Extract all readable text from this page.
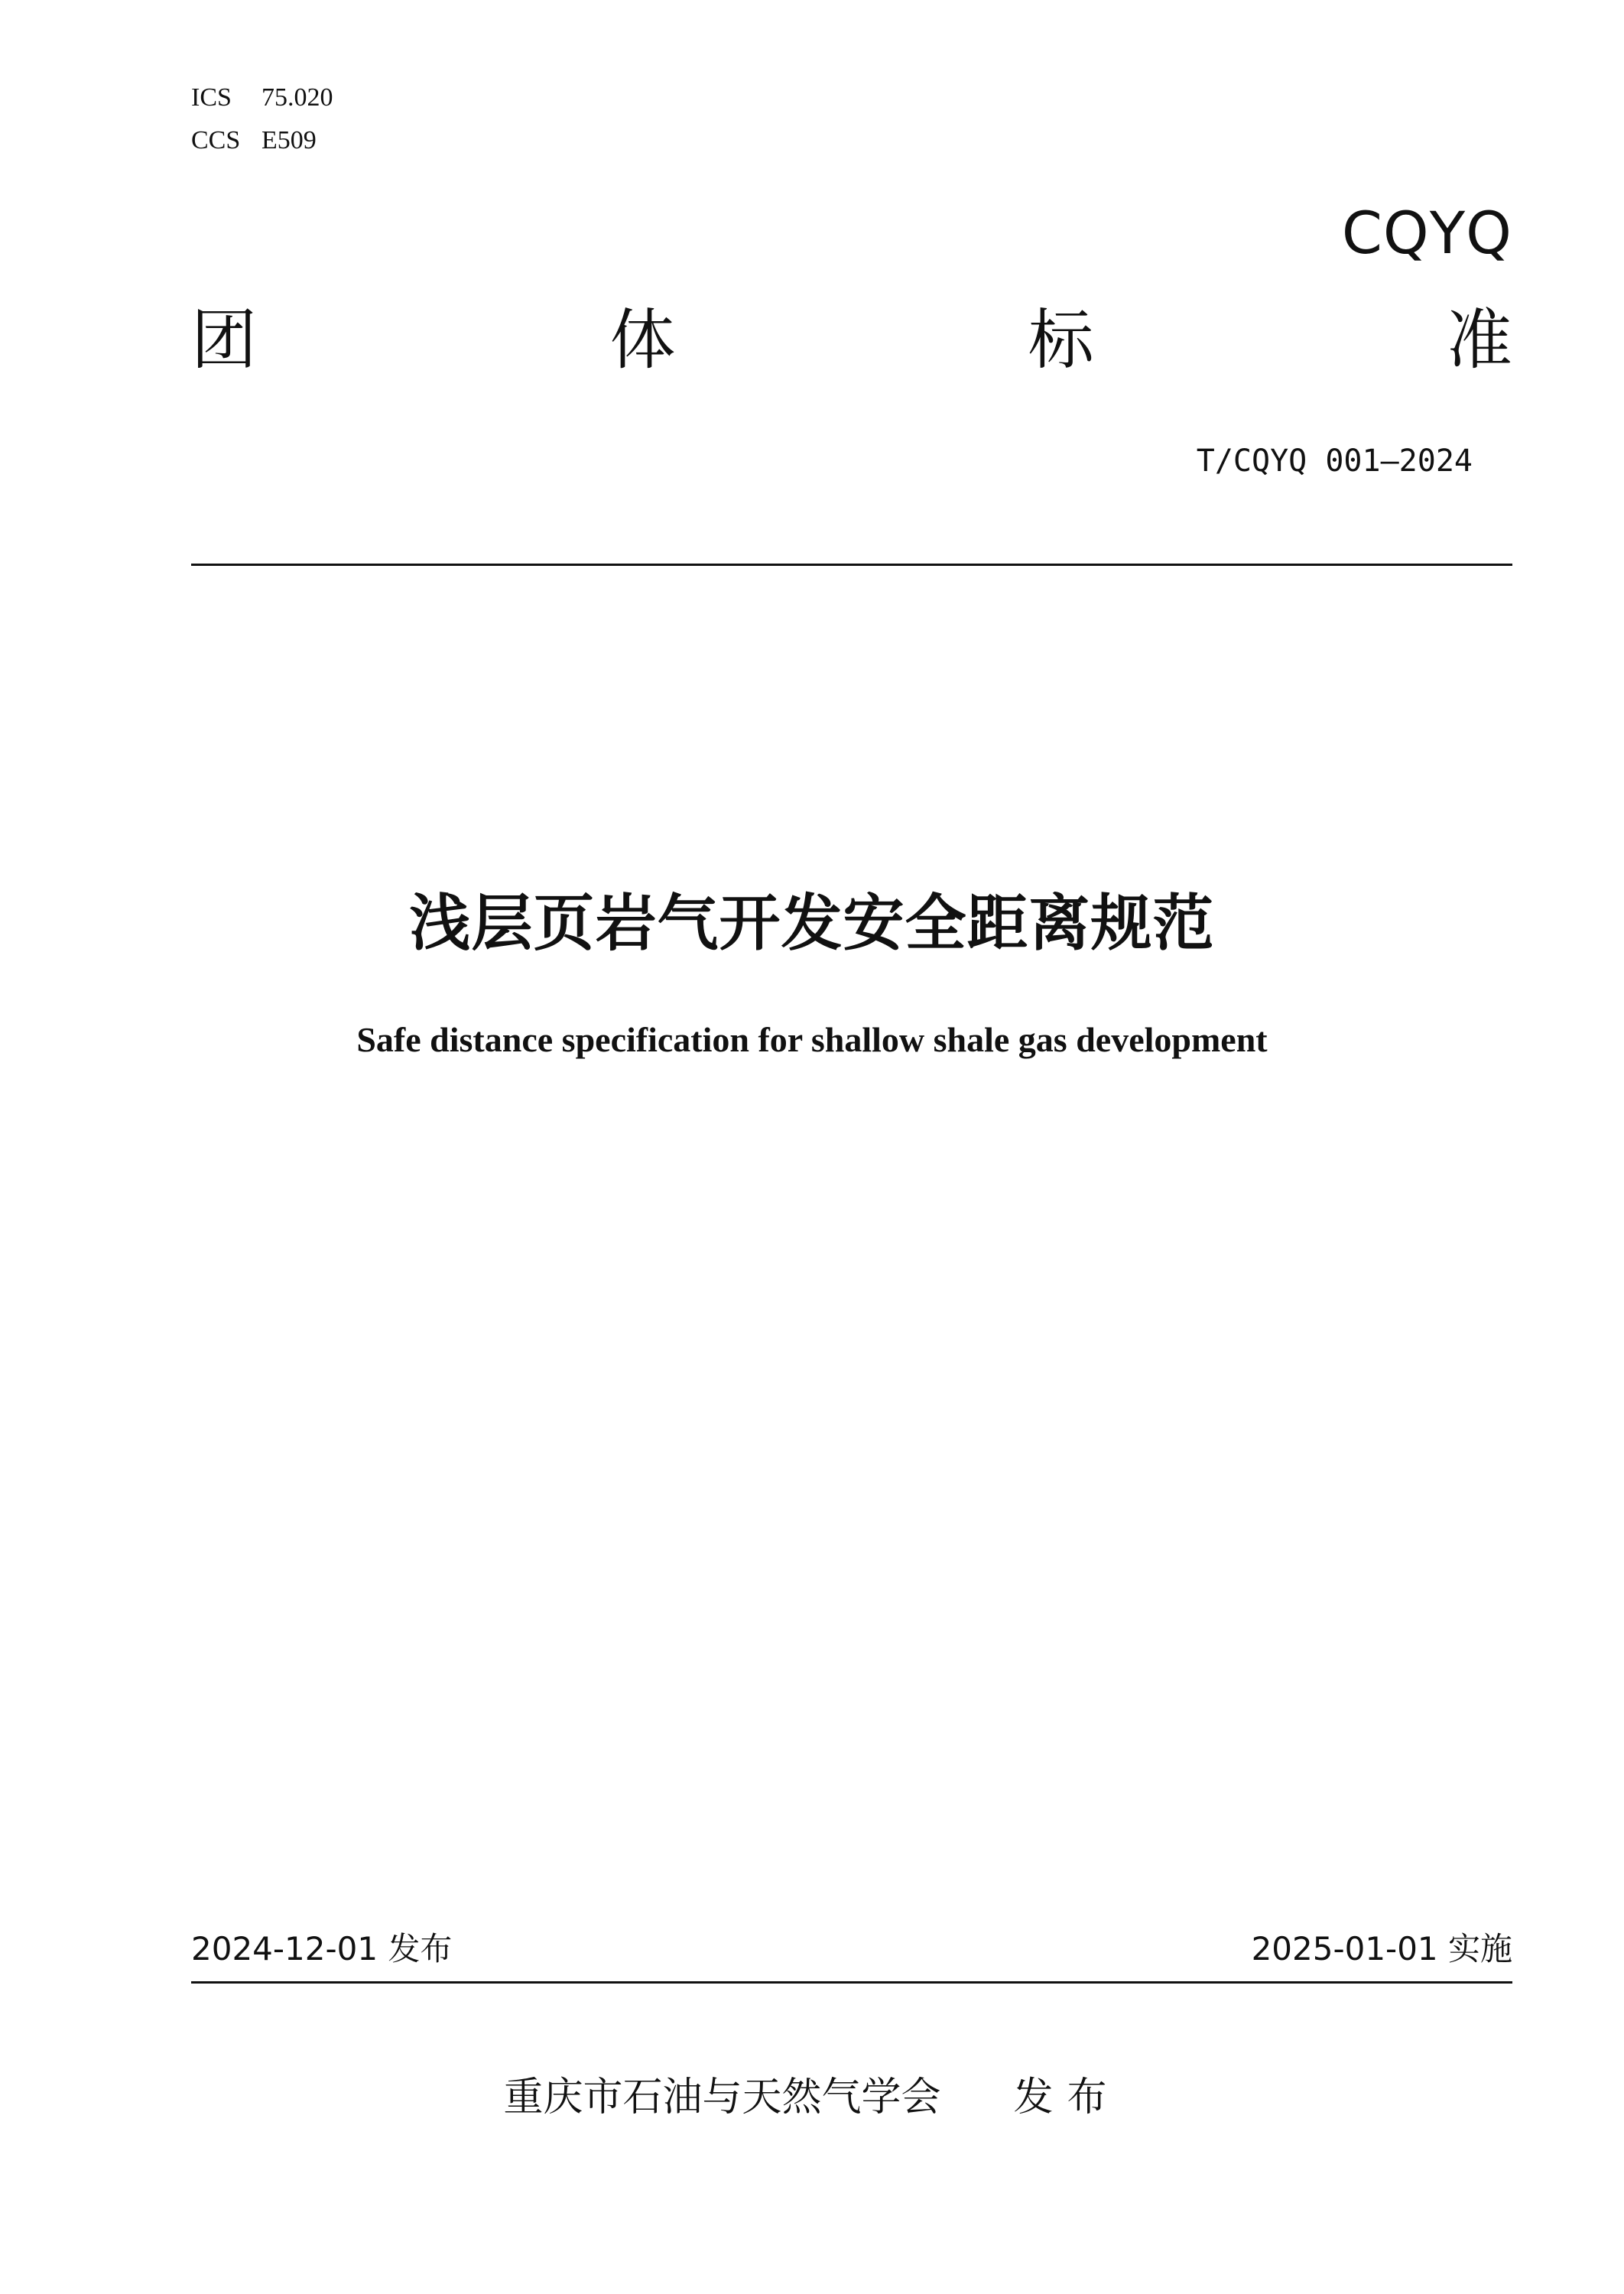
ICS 75.020
CCS E509
CQYQ
团	体	标	准
T/CQYQ 001—2024
浅层页岩气开发安全距离规范
Safe distance specification for shallow shale gas development
2024-12-01 发布	2025-01-01 实施
重庆市石油与天然气学会 发布
